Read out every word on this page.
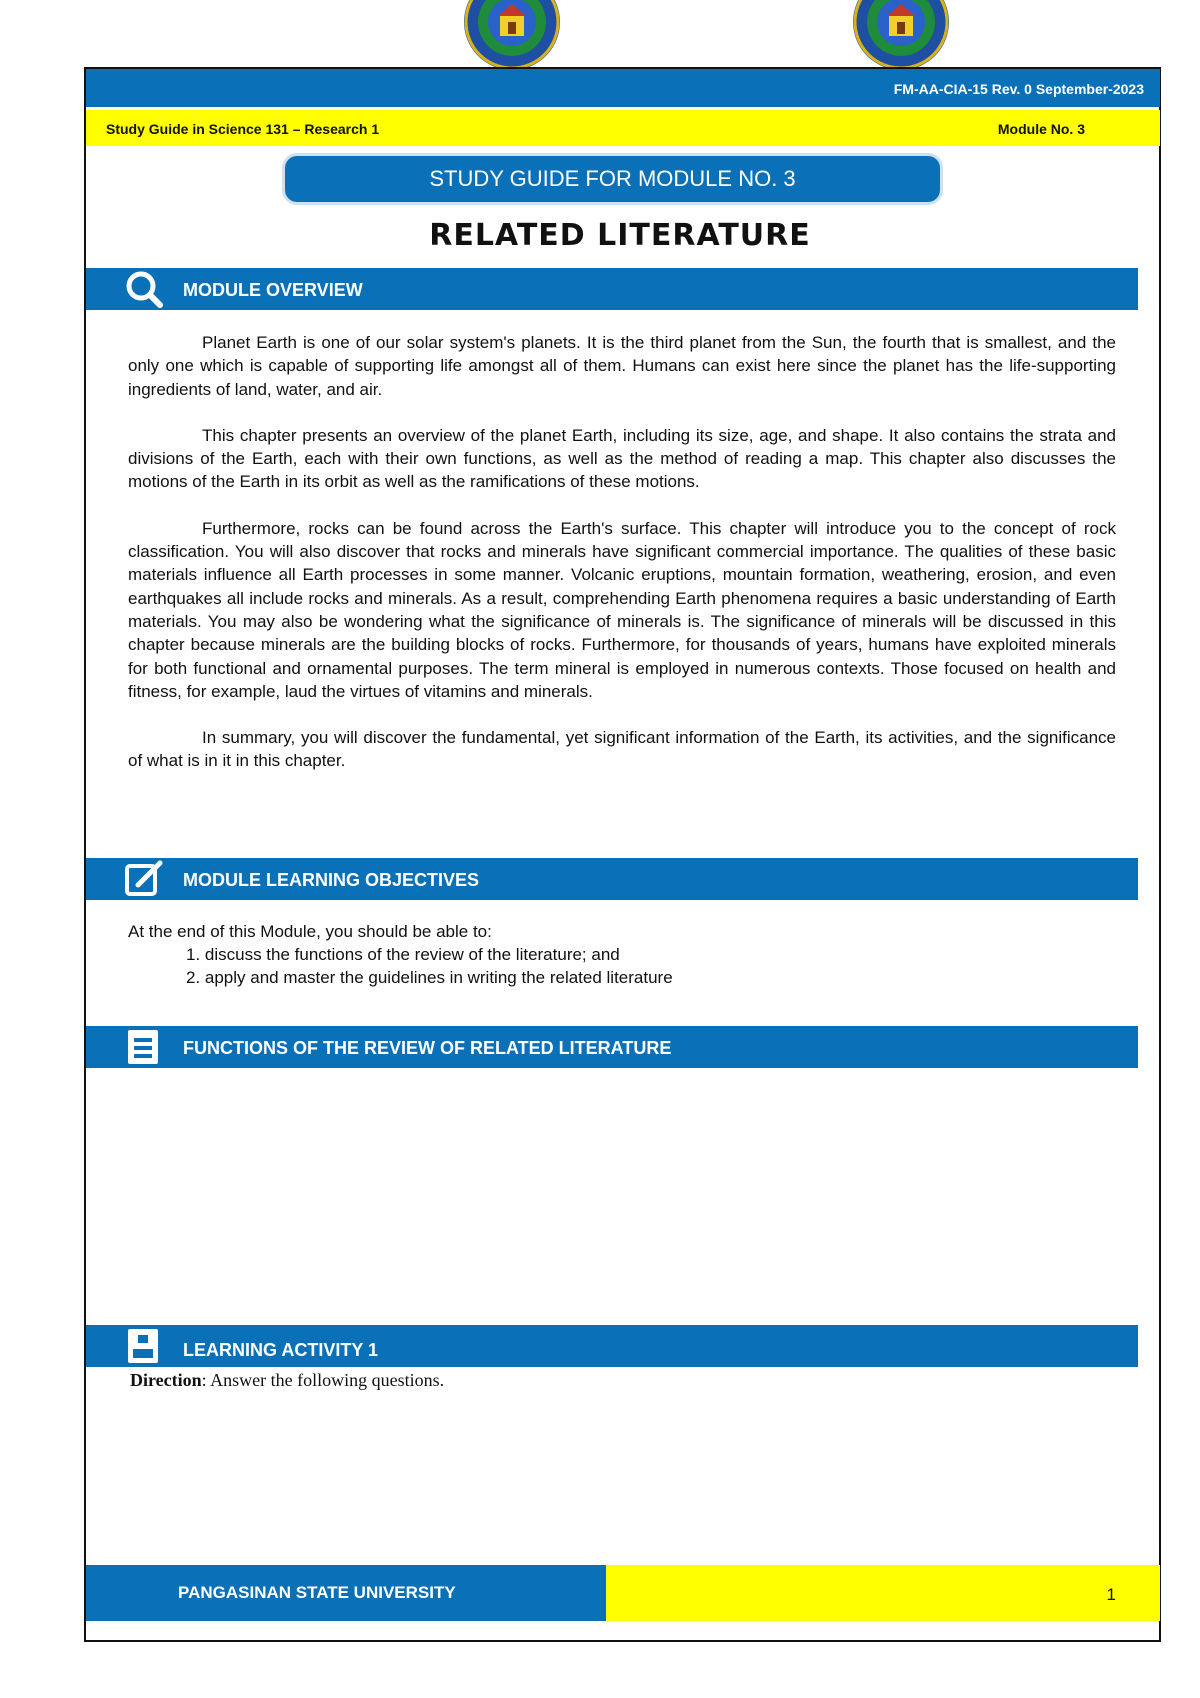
FM-AA-CIA-15 Rev. 0 September-2023
Study Guide in Science 131 – Research 1	Module No. 3
STUDY GUIDE FOR MODULE NO. 3
RELATED LITERATURE
MODULE OVERVIEW

Planet Earth is one of our solar system's planets. It is the third planet from the Sun, the fourth that is smallest, and the only one which is capable of supporting life amongst all of them. Humans can exist here since the planet has the life-supporting ingredients of land, water, and air.

This chapter presents an overview of the planet Earth, including its size, age, and shape. It also contains the strata and divisions of the Earth, each with their own functions, as well as the method of reading a map. This chapter also discusses the motions of the Earth in its orbit as well as the ramifications of these motions.

Furthermore, rocks can be found across the Earth's surface. This chapter will introduce you to the concept of rock classification. You will also discover that rocks and minerals have significant commercial importance. The qualities of these basic materials influence all Earth processes in some manner. Volcanic eruptions, mountain formation, weathering, erosion, and even earthquakes all include rocks and minerals. As a result, comprehending Earth phenomena requires a basic understanding of Earth materials. You may also be wondering what the significance of minerals is. The significance of minerals will be discussed in this chapter because minerals are the building blocks of rocks. Furthermore, for thousands of years, humans have exploited minerals for both functional and ornamental purposes. The term mineral is employed in numerous contexts. Those focused on health and fitness, for example, laud the virtues of vitamins and minerals.

In summary, you will discover the fundamental, yet significant information of the Earth, its activities, and the significance of what is in it in this chapter.

MODULE LEARNING OBJECTIVES
At the end of this Module, you should be able to:
1. discuss the functions of the review of the literature; and
2. apply and master the guidelines in writing the related literature
FUNCTIONS OF THE REVIEW OF RELATED LITERATURE
LEARNING ACTIVITY 1
Direction: Answer the following questions.
PANGASINAN STATE UNIVERSITY	1
